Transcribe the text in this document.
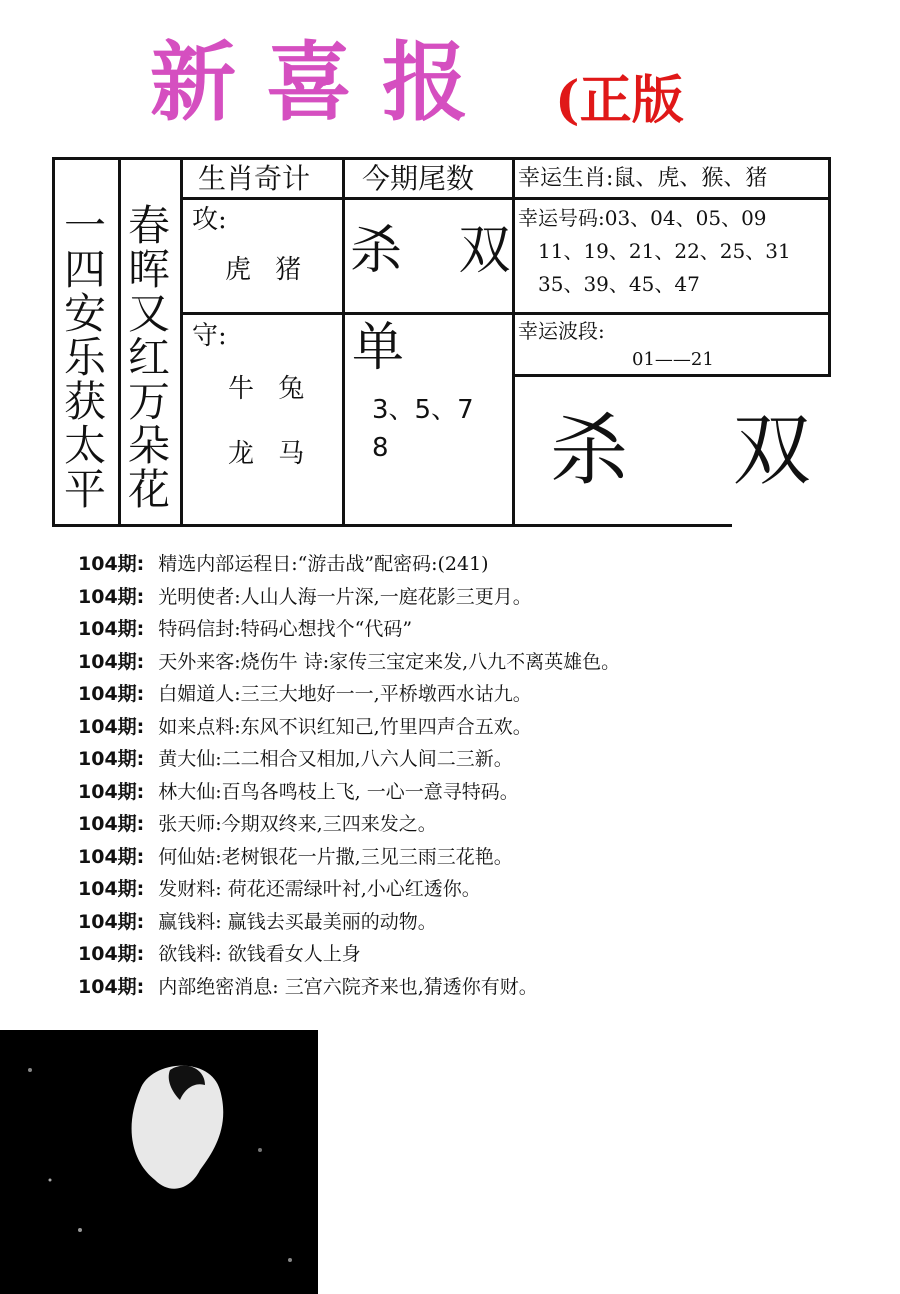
新喜报 (正版
一
四
安
乐
获
太
平
春
晖
又
红
万
朵
花
生肖奇计 今期尾数 幸运生肖:鼠、虎、猴、猪
攻:
虎 猪
守:
牛 兔
龙 马
杀 双
单
3、5、7
8
幸运号码:03、04、05、09
11、19、21、22、25、31
35、39、45、47
幸运波段:
01——21
杀 双
104期: 精选内部运程日:“游击战”配密码:(241)
104期: 光明使者:人山人海一片深,一庭花影三更月。
104期: 特码信封:特码心想找个“代码”
104期: 天外来客:烧伤牛 诗:家传三宝定来发,八九不离英雄色。
104期: 白媚道人:三三大地好一一,平桥墩西水诂九。
104期: 如来点料:东风不识红知己,竹里四声合五欢。
104期: 黄大仙:二二相合又相加,八六人间二三新。
104期: 林大仙:百鸟各鸣枝上飞, 一心一意寻特码。
104期: 张天师:今期双终来,三四来发之。
104期: 何仙姑:老树银花一片撒,三见三雨三花艳。
104期: 发财料: 荷花还需绿叶衬,小心红透你。
104期: 赢钱料: 赢钱去买最美丽的动物。
104期: 欲钱料: 欲钱看女人上身
104期: 内部绝密消息: 三宫六院齐来也,猜透你有财。
